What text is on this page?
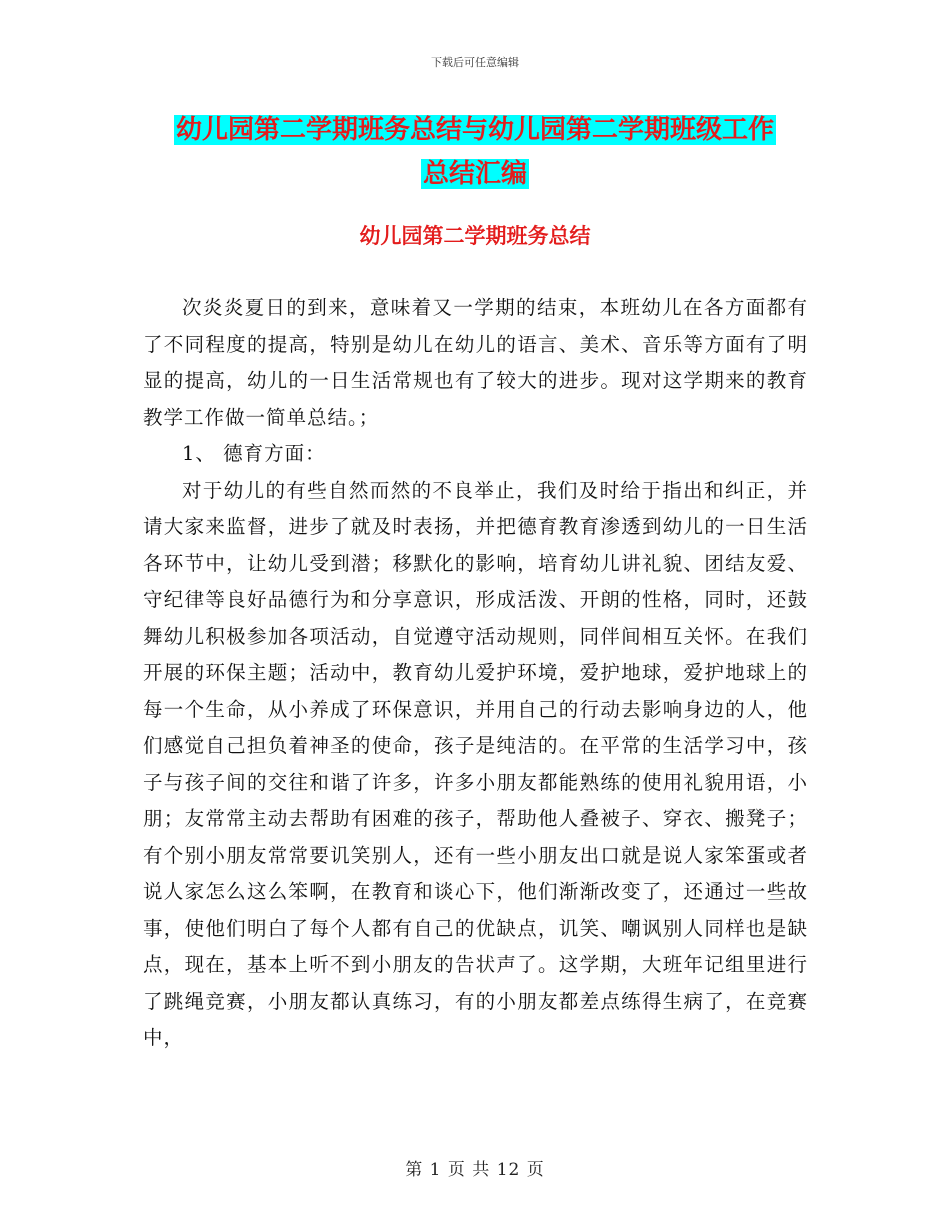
下载后可任意编辑
幼儿园第二学期班务总结与幼儿园第二学期班级工作
总结汇编
幼儿园第二学期班务总结

次炎炎夏日的到来，意味着又一学期的结束，本班幼儿在各方面都有了不同程度的提高，特别是幼儿在幼儿的语言、美术、音乐等方面有了明显的提高，幼儿的一日生活常规也有了较大的进步。现对这学期来的教育教学工作做一简单总结。；

1、 德育方面：

对于幼儿的有些自然而然的不良举止，我们及时给于指出和纠正，并请大家来监督，进步了就及时表扬，并把德育教育渗透到幼儿的一日生活各环节中，让幼儿受到潜；移默化的影响，培育幼儿讲礼貌、团结友爱、守纪律等良好品德行为和分享意识，形成活泼、开朗的性格，同时，还鼓舞幼儿积极参加各项活动，自觉遵守活动规则，同伴间相互关怀。在我们开展的环保主题；活动中，教育幼儿爱护环境，爱护地球，爱护地球上的每一个生命，从小养成了环保意识，并用自己的行动去影响身边的人，他们感觉自己担负着神圣的使命，孩子是纯洁的。在平常的生活学习中，孩子与孩子间的交往和谐了许多，许多小朋友都能熟练的使用礼貌用语，小朋；友常常主动去帮助有困难的孩子，帮助他人叠被子、穿衣、搬凳子；有个别小朋友常常要讥笑别人，还有一些小朋友出口就是说人家笨蛋或者说人家怎么这么笨啊，在教育和谈心下，他们渐渐改变了，还通过一些故事，使他们明白了每个人都有自己的优缺点，讥笑、嘲讽别人同样也是缺点，现在，基本上听不到小朋友的告状声了。这学期，大班年记组里进行了跳绳竞赛，小朋友都认真练习，有的小朋友都差点练得生病了，在竞赛中，

第 1 页 共 12 页
